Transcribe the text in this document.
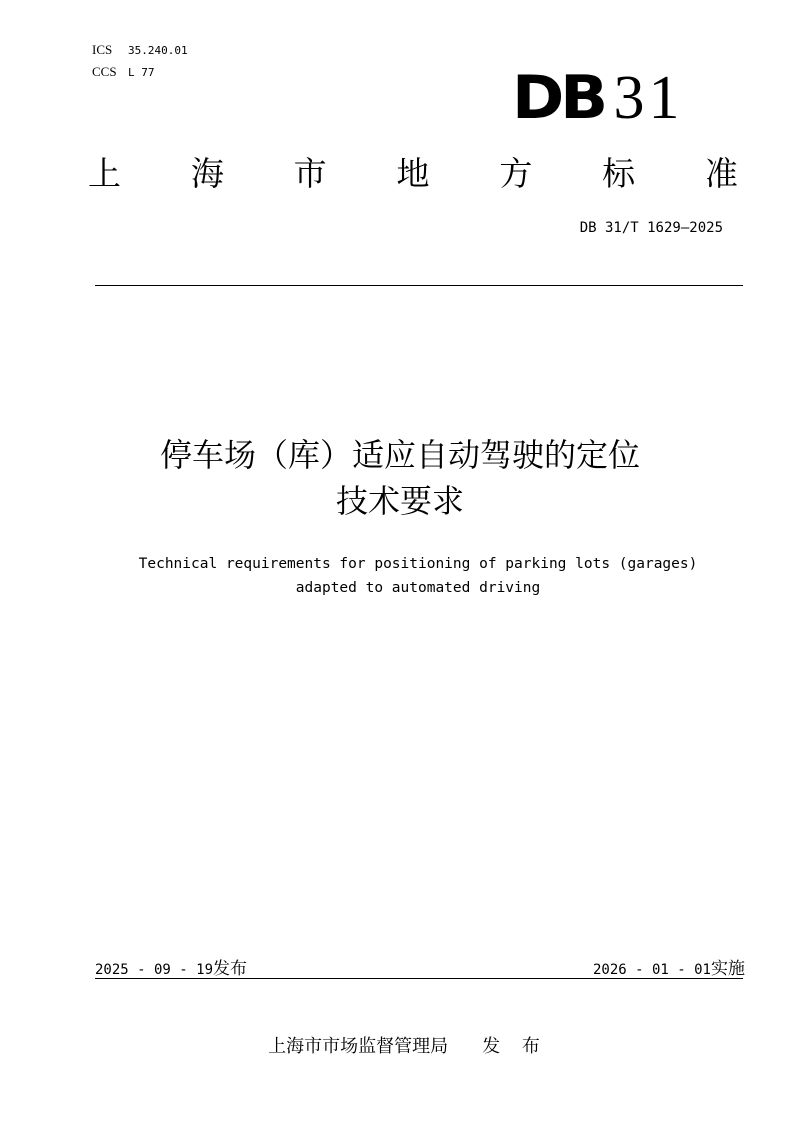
ICS 35.240.01
CCS L 77	DB 31
上 海 市 地 方 标 准
DB 31/T 1629—2025
停车场（库）适应自动驾驶的定位
技术要求
Technical requirements for positioning of parking lots (garages)
adapted to automated driving
2025 - 09 - 19发布	2026 - 01 - 01实施
上海市市场监督管理局 发 布
